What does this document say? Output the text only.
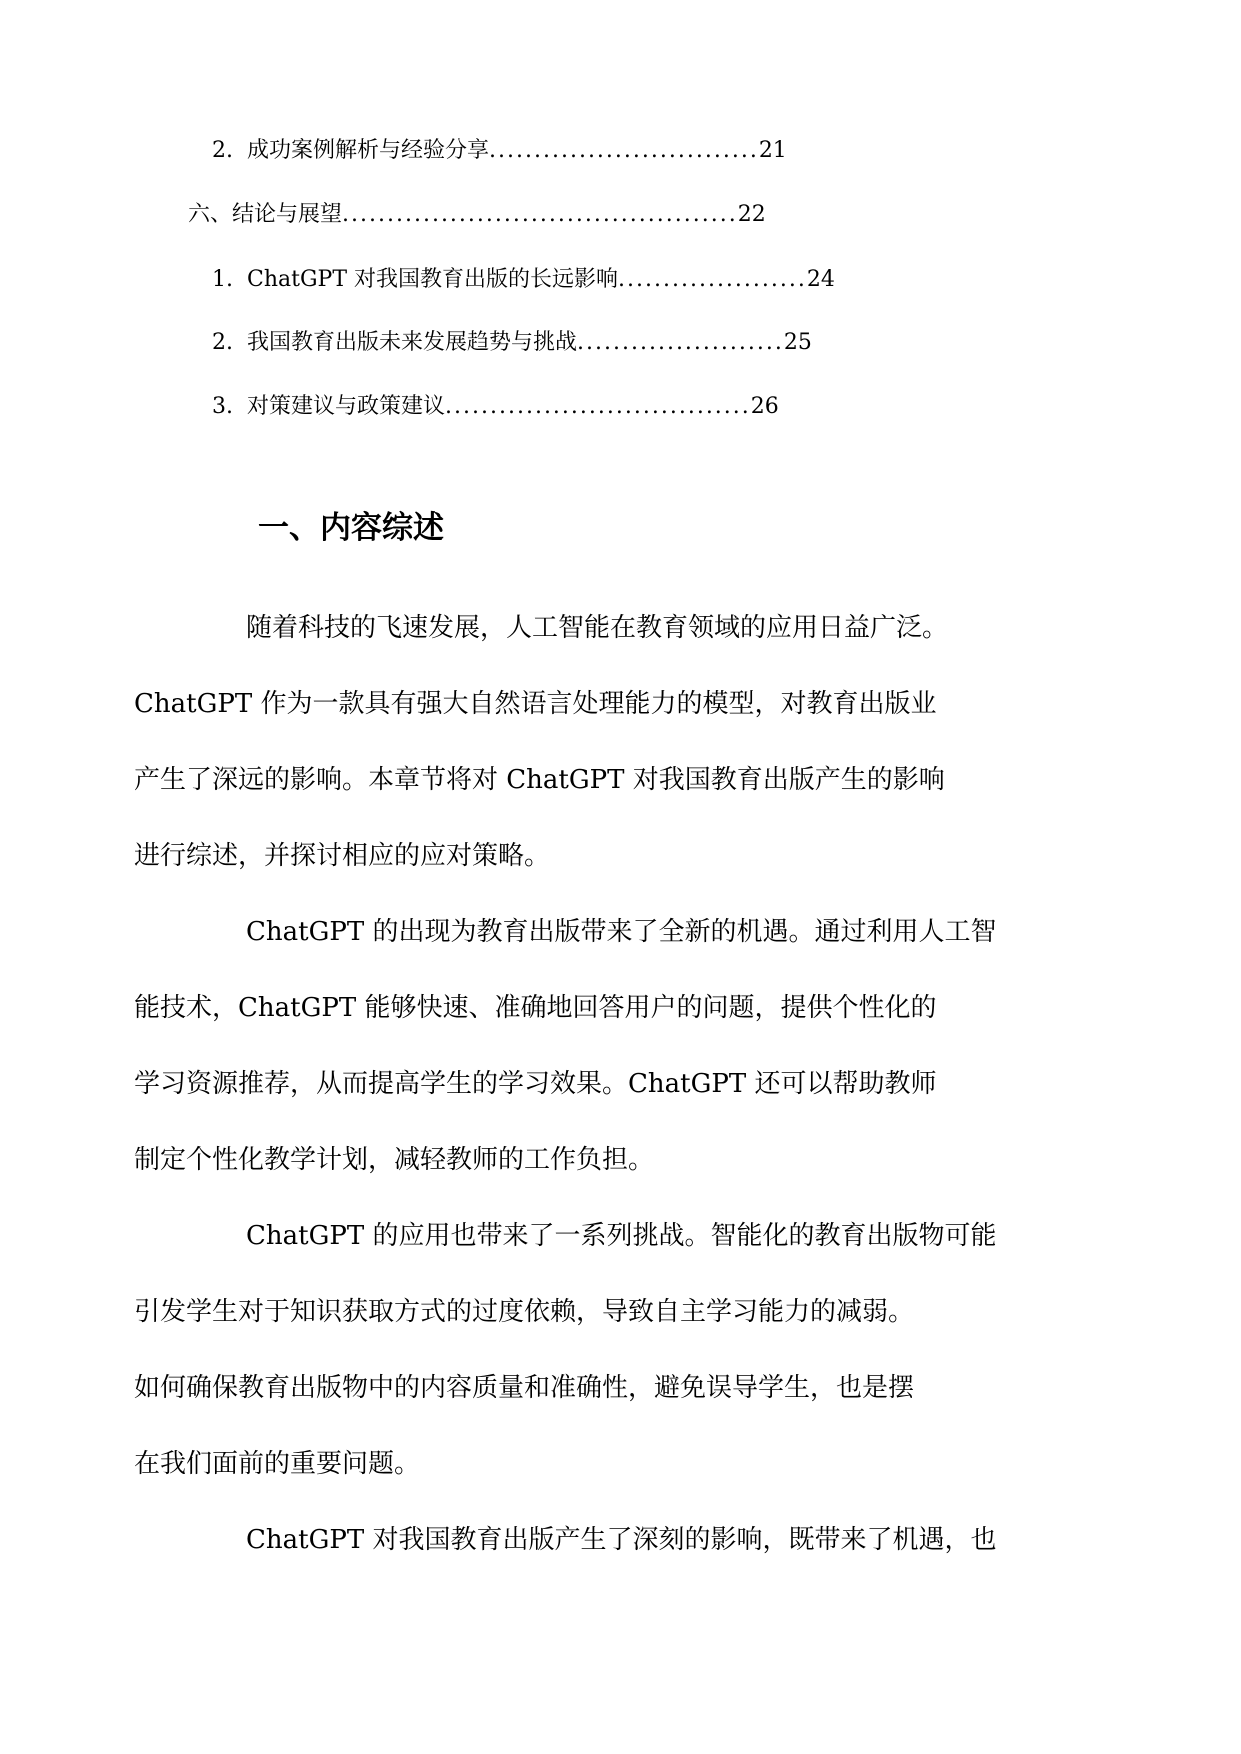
2. 成功案例解析与经验分享..............................21
六、结论与展望............................................22
1. ChatGPT 对我国教育出版的长远影响.....................24
2. 我国教育出版未来发展趋势与挑战.......................25
3. 对策建议与政策建议..................................26
一、内容综述

随着科技的飞速发展，人工智能在教育领域的应用日益广泛。
ChatGPT 作为一款具有强大自然语言处理能力的模型，对教育出版业
产生了深远的影响。本章节将对 ChatGPT 对我国教育出版产生的影响
进行综述，并探讨相应的应对策略。

ChatGPT 的出现为教育出版带来了全新的机遇。通过利用人工智
能技术，ChatGPT 能够快速、准确地回答用户的问题，提供个性化的
学习资源推荐，从而提高学生的学习效果。ChatGPT 还可以帮助教师
制定个性化教学计划，减轻教师的工作负担。

ChatGPT 的应用也带来了一系列挑战。智能化的教育出版物可能
引发学生对于知识获取方式的过度依赖，导致自主学习能力的减弱。
如何确保教育出版物中的内容质量和准确性，避免误导学生，也是摆
在我们面前的重要问题。

ChatGPT 对我国教育出版产生了深刻的影响，既带来了机遇，也
